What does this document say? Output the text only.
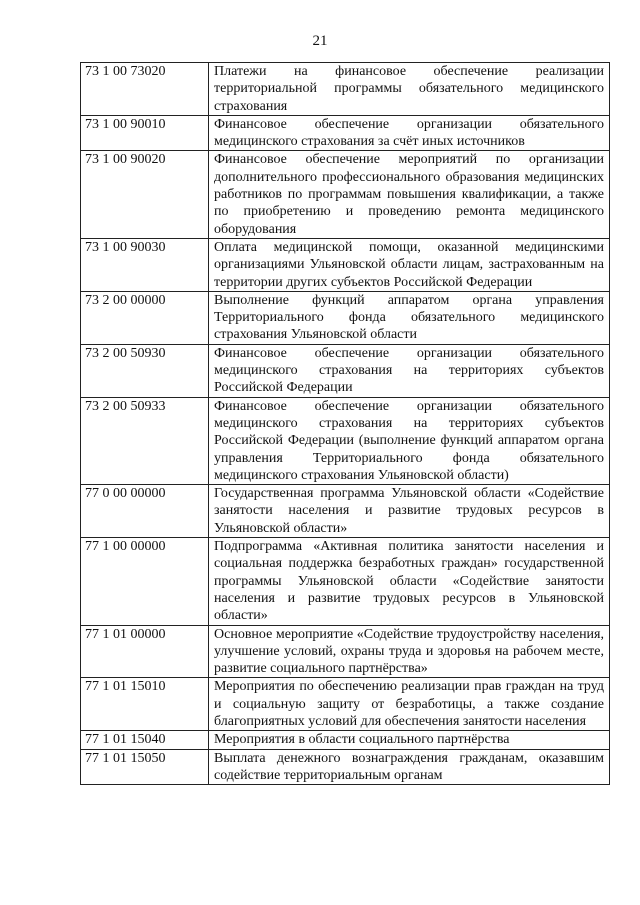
21
73 1 00 73020	Платежи на финансовое обеспечение реализации территориальной программы обязательного медицинского страхования
73 1 00 90010	Финансовое обеспечение организации обязательного медицинского страхования за счёт иных источников
73 1 00 90020	Финансовое обеспечение мероприятий по организации дополнительного профессионального образования медицинских работников по программам повышения квалификации, а также по приобретению и проведению ремонта медицинского оборудования
73 1 00 90030	Оплата медицинской помощи, оказанной медицинскими организациями Ульяновской области лицам, застрахованным на территории других субъектов Российской Федерации
73 2 00 00000	Выполнение функций аппаратом органа управления Территориального фонда обязательного медицинского страхования Ульяновской области
73 2 00 50930	Финансовое обеспечение организации обязательного медицинского страхования на территориях субъектов Российской Федерации
73 2 00 50933	Финансовое обеспечение организации обязательного медицинского страхования на территориях субъектов Российской Федерации (выполнение функций аппаратом органа управления Территориального фонда обязательного медицинского страхования Ульяновской области)
77 0 00 00000	Государственная программа Ульяновской области «Содействие занятости населения и развитие трудовых ресурсов в Ульяновской области»
77 1 00 00000	Подпрограмма «Активная политика занятости населения и социальная поддержка безработных граждан» государственной программы Ульяновской области «Содействие занятости населения и развитие трудовых ресурсов в Ульяновской области»
77 1 01 00000	Основное мероприятие «Содействие трудоустройству населения, улучшение условий, охраны труда и здоровья на рабочем месте, развитие социального партнёрства»
77 1 01 15010	Мероприятия по обеспечению реализации прав граждан на труд и социальную защиту от безработицы, а также создание благоприятных условий для обеспечения занятости населения
77 1 01 15040	Мероприятия в области социального партнёрства
77 1 01 15050	Выплата денежного вознаграждения гражданам, оказавшим содействие территориальным органам
